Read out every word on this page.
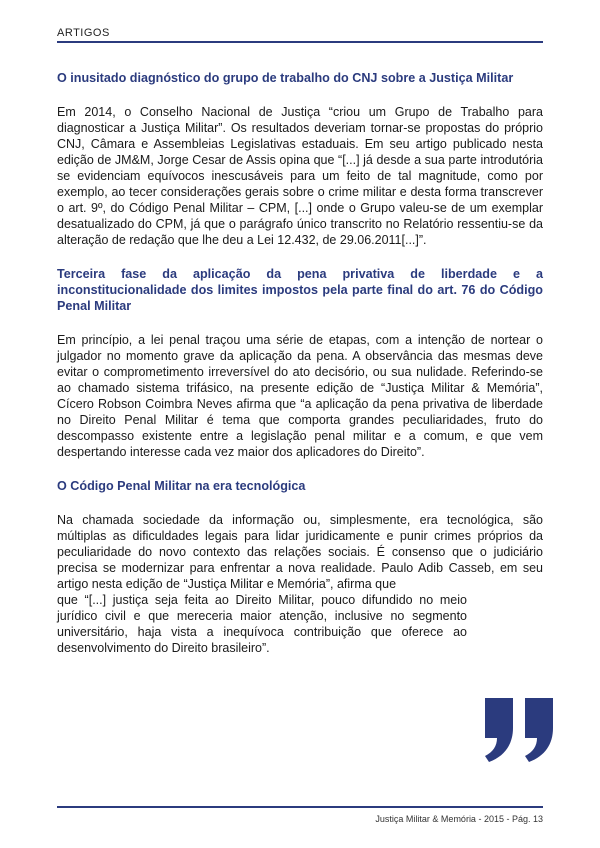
ARTIGOS
O inusitado diagnóstico do grupo de trabalho do CNJ sobre a Justiça Militar

Em 2014, o Conselho Nacional de Justiça “criou um Grupo de Trabalho para diagnosticar a Justiça Militar”. Os resultados deveriam tornar-se propostas do próprio CNJ, Câmara e Assembleias Legislativas estaduais. Em seu artigo publicado nesta edição de JM&M, Jorge Cesar de Assis opina que “[...] já desde a sua parte introdutória se evidenciam equívocos inescusáveis para um feito de tal magnitude, como por exemplo, ao tecer considerações gerais sobre o crime militar e desta forma transcrever o art. 9º, do Código Penal Militar – CPM, [...] onde o Grupo valeu-se de um exemplar desatualizado do CPM, já que o parágrafo único transcrito no Relatório ressentiu-se da alteração de redação que lhe deu a Lei 12.432, de 29.06.2011[...]”.

Terceira fase da aplicação da pena privativa de liberdade e a inconstitucionalidade dos limites impostos pela parte final do art. 76 do Código Penal Militar

Em princípio, a lei penal traçou uma série de etapas, com a intenção de nortear o julgador no momento grave da aplicação da pena. A observância das mesmas deve evitar o comprometimento irreversível do ato decisório, ou sua nulidade. Referindo-se ao chamado sistema trifásico, na presente edição de “Justiça Militar & Memória”, Cícero Robson Coimbra Neves afirma que “a aplicação da pena privativa de liberdade no Direito Penal Militar é tema que comporta grandes peculiaridades, fruto do descompasso existente entre a legislação penal militar e a comum, e que vem despertando interesse cada vez maior dos aplicadores do Direito”.

O Código Penal Militar na era tecnológica

Na chamada sociedade da informação ou, simplesmente, era tecnológica, são múltiplas as dificuldades legais para lidar juridicamente e punir crimes próprios da peculiaridade do novo contexto das relações sociais. É consenso que o judiciário precisa se modernizar para enfrentar a nova realidade. Paulo Adib Casseb, em seu artigo nesta edição de “Justiça Militar e Memória”, afirma que

que “[...] justiça seja feita ao Direito Militar, pouco difundido no meio jurídico civil e que mereceria maior atenção, inclusive no segmento universitário, haja vista a inequívoca contribuição que oferece ao desenvolvimento do Direito brasileiro”.

Justiça Militar & Memória - 2015 - Pág. 13
